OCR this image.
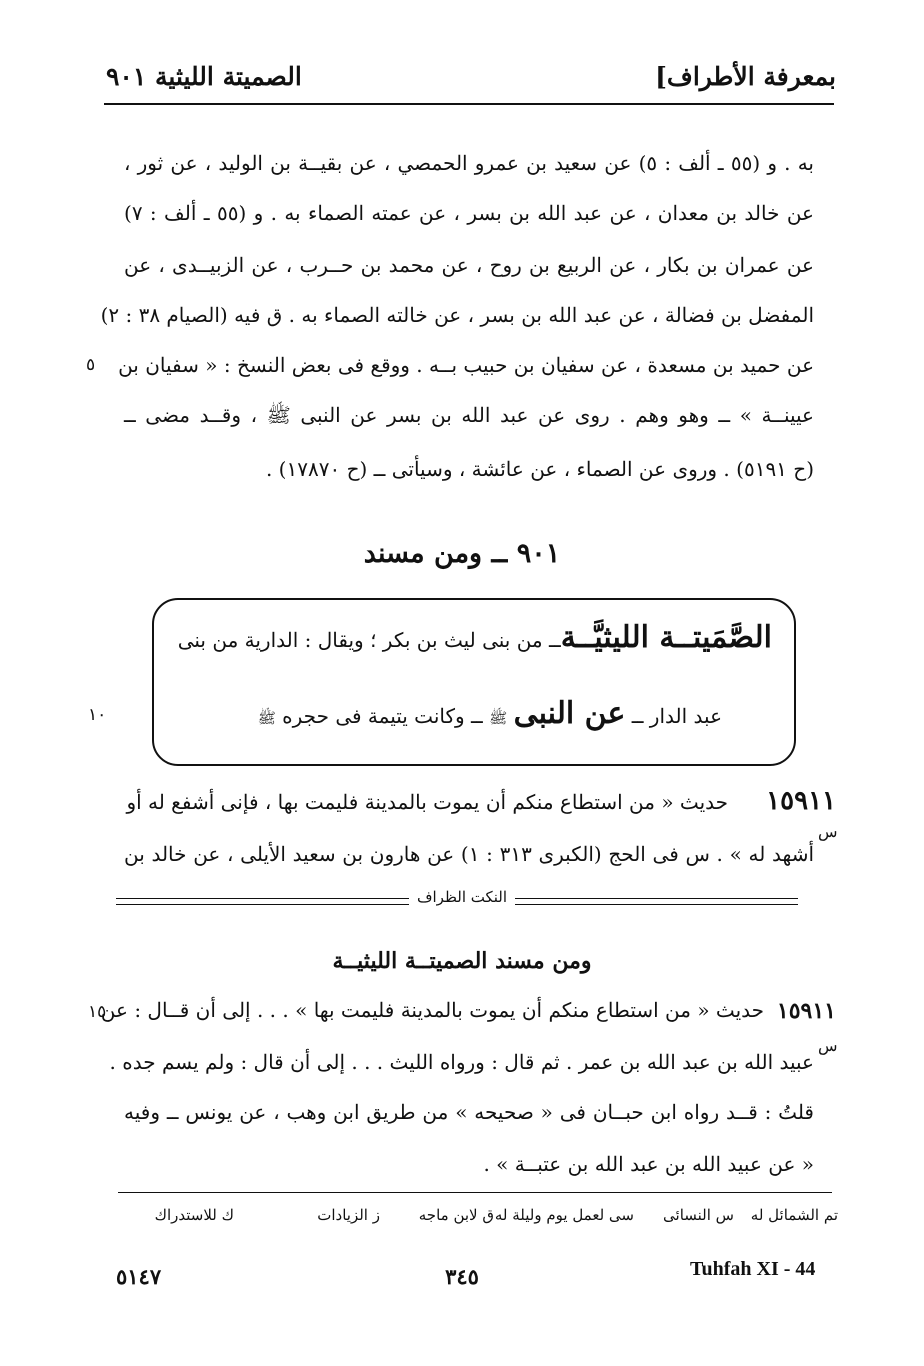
بمعرفة الأطراف]
الصميتة الليثية ٩٠١
به . و (٥٥ ـ ألف : ٥) عن سعيد بن عمرو الحمصي ، عن بقيــة بن الوليد ، عن ثور ،
عن خالد بن معدان ، عن عبد الله بن بسر ، عن عمته الصماء به . و (٥٥ ـ ألف : ٧)
عن عمران بن بكار ، عن الربيع بن روح ، عن محمد بن حــرب ، عن الزبيــدى ، عن
المفضل بن فضالة ، عن عبد الله بن بسر ، عن خالته الصماء به . ق فيه (الصيام ٣٨ : ٢)
عن حميد بن مسعدة ، عن سفيان بن حبيب بــه . ووقع فى بعض النسخ : « سفيان بن
عيينــة » ــ وهو وهم . روى عن عبد الله بن بسر عن النبى ﷺ ، وقــد مضى ــ
(ح ٥١٩١) . وروى عن الصماء ، عن عائشة ، وسيأتى ــ (ح ١٧٨٧٠) .
٥
٩٠١ ــ ومن مسند
الصَّمَيتــة الليثيَّــةــ من بنى ليث بن بكر ؛ ويقال : الدارية من بنى
عبد الدار ــ عن النبى ﷺ ــ وكانت يتيمة فى حجره ﷺ
١٠
١٥٩١١
س
حديث « من استطاع منكم أن يموت بالمدينة فليمت بها ، فإنى أشفع له أو
أشهد له » . س فى الحج (الكبرى ٣١٣ : ١) عن هارون بن سعيد الأيلى ، عن خالد بن
النكت الظراف
ومن مسند الصميتــة الليثيــة
١٥	١٥٩١١
س
حديث « من استطاع منكم أن يموت بالمدينة فليمت بها » . . . إلى أن قــال : عن
عبيد الله بن عبد الله بن عمر . ثم قال : ورواه الليث . . . إلى أن قال : ولم يسم جده .
قلتُ : قــد رواه ابن حبــان فى « صحيحه » من طريق ابن وهب ، عن يونس ــ وفيه
« عن عبيد الله بن عبد الله بن عتبــة » .
تم الشمائل له
س النسائى
سى لعمل يوم وليلة له
ق لابن ماجه
ز الزيادات
ك للاستدراك
Tuhfah XI - 44
٣٤٥
٥١٤٧
